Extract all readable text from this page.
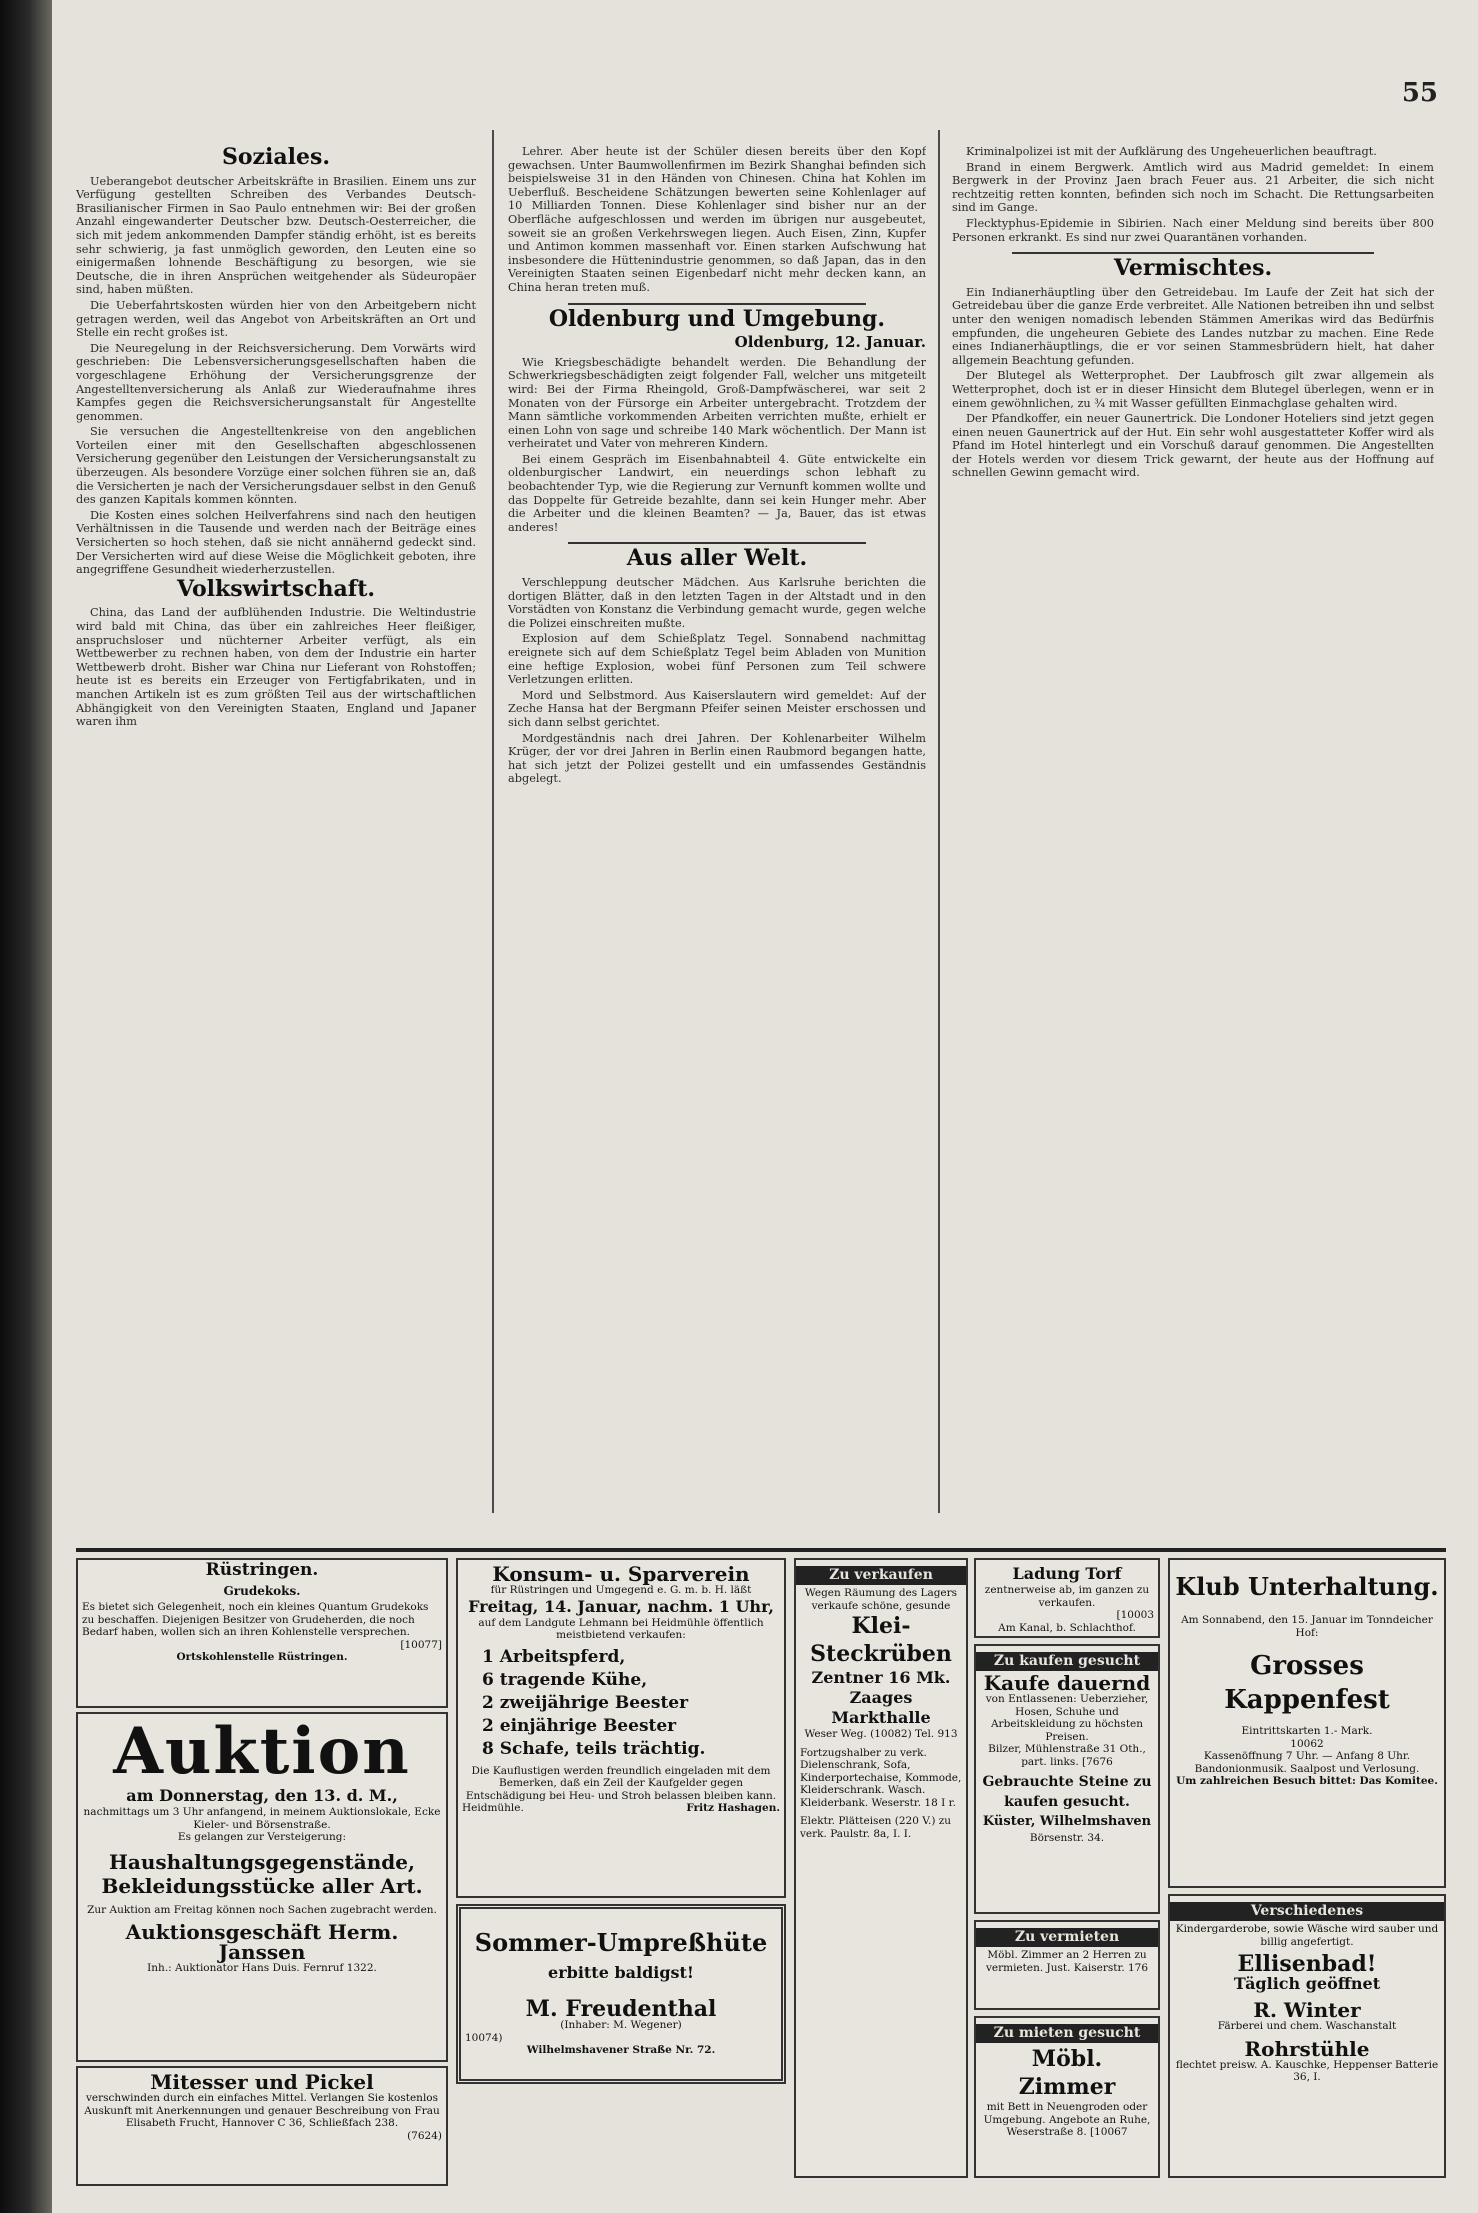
55
Soziales.

Ueberangebot deutscher Arbeitskräfte in Brasilien. Einem uns zur Verfügung gestellten Schreiben des Verbandes Deutsch-Brasilianischer Firmen in Sao Paulo entnehmen wir: Bei der großen Anzahl eingewanderter Deutscher bzw. Deutsch-Oesterreicher, die sich mit jedem ankommenden Dampfer ständig erhöht, ist es bereits sehr schwierig, ja fast unmöglich geworden, den Leuten eine so einigermaßen lohnende Beschäftigung zu besorgen, wie sie Deutsche, die in ihren Ansprüchen weitgehender als Südeuropäer sind, haben müßten.

Die Ueberfahrtskosten würden hier von den Arbeitgebern nicht getragen werden, weil das Angebot von Arbeitskräften an Ort und Stelle ein recht großes ist.

Die Neuregelung in der Reichsversicherung. Dem Vorwärts wird geschrieben: Die Lebensversicherungsgesellschaften haben die vorgeschlagene Erhöhung der Versicherungsgrenze der Angestelltenversicherung als Anlaß zur Wiederaufnahme ihres Kampfes gegen die Reichsversicherungsanstalt für Angestellte genommen.

Sie versuchen die Angestelltenkreise von den angeblichen Vorteilen einer mit den Gesellschaften abgeschlossenen Versicherung gegenüber den Leistungen der Versicherungsanstalt zu überzeugen. Als besondere Vorzüge einer solchen führen sie an, daß die Versicherten je nach der Versicherungsdauer selbst in den Genuß des ganzen Kapitals kommen könnten.

Die Kosten eines solchen Heilverfahrens sind nach den heutigen Verhältnissen in die Tausende und werden nach der Beiträge eines Versicherten so hoch stehen, daß sie nicht annähernd gedeckt sind. Der Versicherten wird auf diese Weise die Möglichkeit geboten, ihre angegriffene Gesundheit wiederherzustellen.

Volkswirtschaft.

China, das Land der aufblühenden Industrie. Die Weltindustrie wird bald mit China, das über ein zahlreiches Heer fleißiger, anspruchsloser und nüchterner Arbeiter verfügt, als ein Wettbewerber zu rechnen haben, von dem der Industrie ein harter Wettbewerb droht. Bisher war China nur Lieferant von Rohstoffen; heute ist es bereits ein Erzeuger von Fertigfabrikaten, und in manchen Artikeln ist es zum größten Teil aus der wirtschaftlichen Abhängigkeit von den Vereinigten Staaten, England und Japaner waren ihm

Lehrer. Aber heute ist der Schüler diesen bereits über den Kopf gewachsen. Unter Baumwollenfirmen im Bezirk Shanghai befinden sich beispielsweise 31 in den Händen von Chinesen. China hat Kohlen im Ueberfluß. Bescheidene Schätzungen bewerten seine Kohlenlager auf 10 Milliarden Tonnen. Diese Kohlenlager sind bisher nur an der Oberfläche aufgeschlossen und werden im übrigen nur ausgebeutet, soweit sie an großen Verkehrswegen liegen. Auch Eisen, Zinn, Kupfer und Antimon kommen massenhaft vor. Einen starken Aufschwung hat insbesondere die Hüttenindustrie genommen, so daß Japan, das in den Vereinigten Staaten seinen Eigenbedarf nicht mehr decken kann, an China heran treten muß.

Oldenburg und Umgebung.
Oldenburg, 12. Januar.

Wie Kriegsbeschädigte behandelt werden. Die Behandlung der Schwerkriegsbeschädigten zeigt folgender Fall, welcher uns mitgeteilt wird: Bei der Firma Rheingold, Groß-Dampfwäscherei, war seit 2 Monaten von der Fürsorge ein Arbeiter untergebracht. Trotzdem der Mann sämtliche vorkommenden Arbeiten verrichten mußte, erhielt er einen Lohn von sage und schreibe 140 Mark wöchentlich. Der Mann ist verheiratet und Vater von mehreren Kindern.

Bei einem Gespräch im Eisenbahnabteil 4. Güte entwickelte ein oldenburgischer Landwirt, ein neuerdings schon lebhaft zu beobachtender Typ, wie die Regierung zur Vernunft kommen wollte und das Doppelte für Getreide bezahlte, dann sei kein Hunger mehr. Aber die Arbeiter und die kleinen Beamten? — Ja, Bauer, das ist etwas anderes!

Aus aller Welt.

Verschleppung deutscher Mädchen. Aus Karlsruhe berichten die dortigen Blätter, daß in den letzten Tagen in der Altstadt und in den Vorstädten von Konstanz die Verbindung gemacht wurde, gegen welche die Polizei einschreiten mußte.

Explosion auf dem Schießplatz Tegel. Sonnabend nachmittag ereignete sich auf dem Schießplatz Tegel beim Abladen von Munition eine heftige Explosion, wobei fünf Personen zum Teil schwere Verletzungen erlitten.

Mord und Selbstmord. Aus Kaiserslautern wird gemeldet: Auf der Zeche Hansa hat der Bergmann Pfeifer seinen Meister erschossen und sich dann selbst gerichtet.

Mordgeständnis nach drei Jahren. Der Kohlenarbeiter Wilhelm Krüger, der vor drei Jahren in Berlin einen Raubmord begangen hatte, hat sich jetzt der Polizei gestellt und ein umfassendes Geständnis abgelegt.

Kriminalpolizei ist mit der Aufklärung des Ungeheuerlichen beauftragt.

Brand in einem Bergwerk. Amtlich wird aus Madrid gemeldet: In einem Bergwerk in der Provinz Jaen brach Feuer aus. 21 Arbeiter, die sich nicht rechtzeitig retten konnten, befinden sich noch im Schacht. Die Rettungsarbeiten sind im Gange.

Flecktyphus-Epidemie in Sibirien. Nach einer Meldung sind bereits über 800 Personen erkrankt. Es sind nur zwei Quarantänen vorhanden.

Vermischtes.

Ein Indianerhäuptling über den Getreidebau. Im Laufe der Zeit hat sich der Getreidebau über die ganze Erde verbreitet. Alle Nationen betreiben ihn und selbst unter den wenigen nomadisch lebenden Stämmen Amerikas wird das Bedürfnis empfunden, die ungeheuren Gebiete des Landes nutzbar zu machen. Eine Rede eines Indianerhäuptlings, die er vor seinen Stammesbrüdern hielt, hat daher allgemein Beachtung gefunden.

Der Blutegel als Wetterprophet. Der Laubfrosch gilt zwar allgemein als Wetterprophet, doch ist er in dieser Hinsicht dem Blutegel überlegen, wenn er in einem gewöhnlichen, zu ¾ mit Wasser gefüllten Einmachglase gehalten wird.

Der Pfandkoffer, ein neuer Gaunertrick. Die Londoner Hoteliers sind jetzt gegen einen neuen Gaunertrick auf der Hut. Ein sehr wohl ausgestatteter Koffer wird als Pfand im Hotel hinterlegt und ein Vorschuß darauf genommen. Die Angestellten der Hotels werden vor diesem Trick gewarnt, der heute aus der Hoffnung auf schnellen Gewinn gemacht wird.

Rüstringen.
Grudekoks.
Es bietet sich Gelegenheit, noch ein kleines Quantum Grudekoks zu beschaffen. Diejenigen Besitzer von Grudeherden, die noch Bedarf haben, wollen sich an ihren Kohlenstelle versprechen.
[10077]
Ortskohlenstelle Rüstringen.
Auktion
am Donnerstag, den 13. d. M.,
nachmittags um 3 Uhr anfangend, in meinem Auktionslokale, Ecke Kieler- und Börsenstraße.
Es gelangen zur Versteigerung:
Haushaltungsgegenstände, Bekleidungsstücke aller Art.
Zur Auktion am Freitag können noch Sachen zugebracht werden.
Auktionsgeschäft Herm. Janssen
Inh.: Auktionator Hans Duis. Fernruf 1322.
Mitesser und Pickel
verschwinden durch ein einfaches Mittel. Verlangen Sie kostenlos Auskunft mit Anerkennungen und genauer Beschreibung von Frau Elisabeth Frucht, Hannover C 36, Schließfach 238.
(7624)
Konsum- u. Sparverein
für Rüstringen und Umgegend e. G. m. b. H. läßt
Freitag, 14. Januar, nachm. 1 Uhr,
auf dem Landgute Lehmann bei Heidmühle öffentlich meistbietend verkaufen:
1 Arbeitspferd,
6 tragende Kühe,
2 zweijährige Beester
2 einjährige Beester
8 Schafe, teils trächtig.
Die Kauflustigen werden freundlich eingeladen mit dem Bemerken, daß ein Zeil der Kaufgelder gegen Entschädigung bei Heu- und Stroh belassen bleiben kann.
Heidmühle.	Fritz Hashagen.
Sommer-Umpreßhüte
erbitte baldigst!
M. Freudenthal
(Inhaber: M. Wegener)
10074)
Wilhelmshavener Straße Nr. 72.
Zu verkaufen
Wegen Räumung des Lagers verkaufe schöne, gesunde
Klei-Steckrüben
Zentner 16 Mk.
Zaages Markthalle
Weser Weg. (10082) Tel. 913
Fortzugshalber zu verk. Dielenschrank, Sofa, Kinderportechaise, Kommode, Kleiderschrank. Wasch. Kleiderbank. Weserstr. 18 I r.
Elektr. Plätteisen (220 V.) zu verk. Paulstr. 8a, I. I.
Ladung Torf
zentnerweise ab, im ganzen zu verkaufen.
[10003
Am Kanal, b. Schlachthof.
Zu kaufen gesucht
Kaufe dauernd
von Entlassenen: Ueberzieher, Hosen, Schuhe und Arbeitskleidung zu höchsten Preisen.
Bilzer, Mühlenstraße 31 Oth., part. links. [7676
Gebrauchte Steine zu kaufen gesucht.
Küster, Wilhelmshaven
Börsenstr. 34.
Zu vermieten
Möbl. Zimmer an 2 Herren zu vermieten. Just. Kaiserstr. 176
Zu mieten gesucht
Möbl. Zimmer
mit Bett in Neuengroden oder Umgebung. Angebote an Ruhe, Weserstraße 8. [10067
Klub Unterhaltung.
Am Sonnabend, den 15. Januar im Tonndeicher Hof:
Grosses Kappenfest
Eintrittskarten 1.- Mark.
10062
Kassenöffnung 7 Uhr. — Anfang 8 Uhr.
Bandonionmusik. Saalpost und Verlosung.
Um zahlreichen Besuch bittet: Das Komitee.
Verschiedenes
Kindergarderobe, sowie Wäsche wird sauber und billig angefertigt.
Ellisenbad!
Täglich geöffnet
R. Winter
Färberei und chem. Waschanstalt
Rohrstühle
flechtet preisw. A. Kauschke, Heppenser Batterie 36, I.
